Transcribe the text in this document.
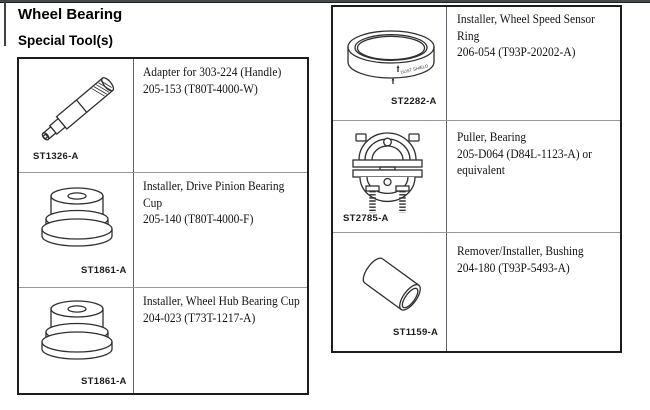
Wheel Bearing
Special Tool(s)
ST1326-A
Adapter for 303-224 (Handle)
205-153 (T80T-4000-W)
ST1861-A
Installer, Drive Pinion Bearing
Cup
205-140 (T80T-4000-F)
ST1861-A
Installer, Wheel Hub Bearing Cup
204-023 (T73T-1217-A)
DUST SHIELD
ST2282-A
Installer, Wheel Speed Sensor
Ring
206-054 (T93P-20202-A)
ST2785-A
Puller, Bearing
205-D064 (D84L-1123-A) or
equivalent
ST1159-A
Remover/Installer, Bushing
204-180 (T93P-5493-A)
